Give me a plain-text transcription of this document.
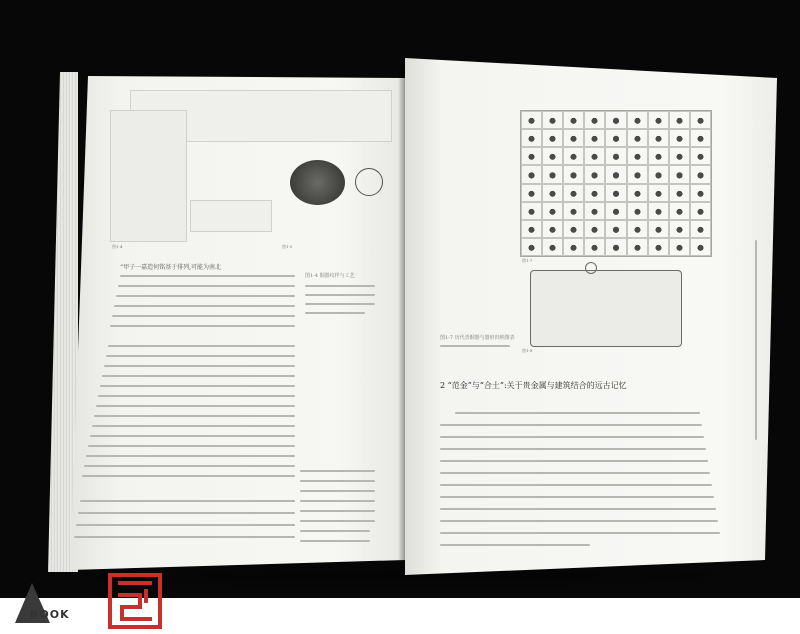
图1-4	图1-5
“甲子一嘉造何铭基于排列,可能为南北
图1-4 铜器纹样与工艺
图1-7
图1-8
图1-7 历代青铜器与器形归纳图表
2 “范金”与“合土”:关于贵金属与建筑结合的远古记忆
BOOK
